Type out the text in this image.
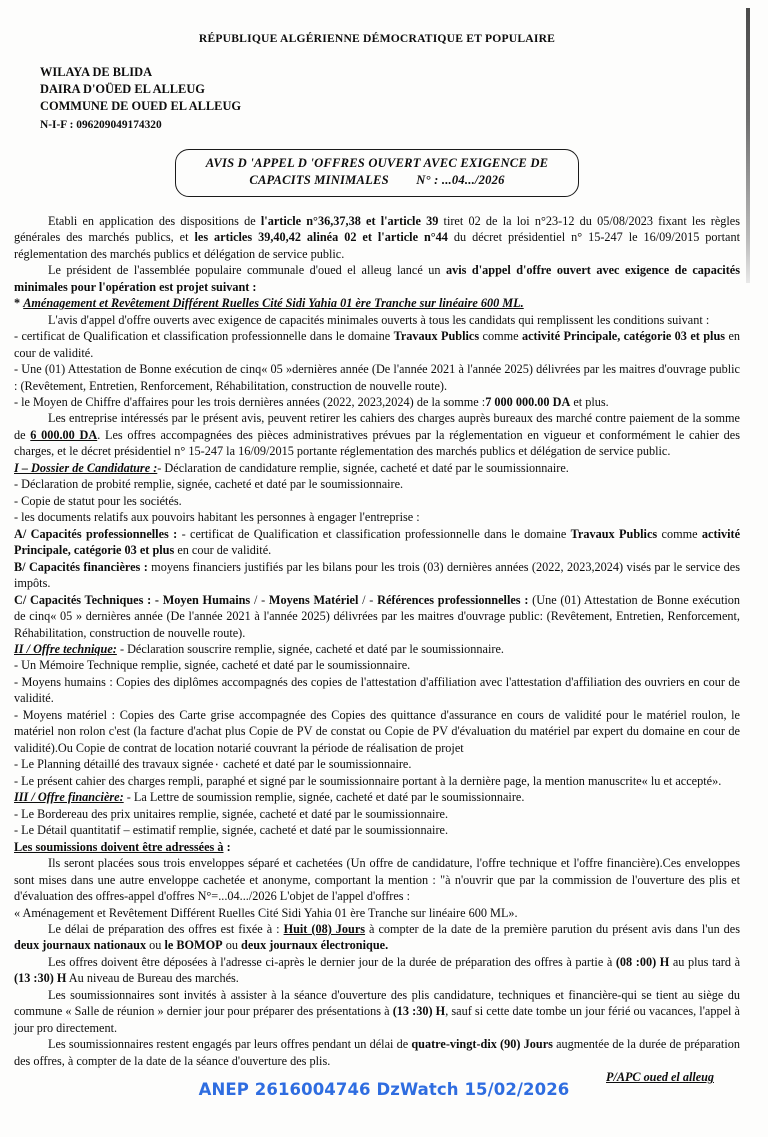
RÉPUBLIQUE ALGÉRIENNE DÉMOCRATIQUE ET POPULAIRE
WILAYA DE BLIDA
DAIRA D'OÜED EL ALLEUG
COMMUNE DE OUED EL ALLEUG
N-I-F : 096209049174320
AVIS D 'APPEL D 'OFFRES OUVERT AVEC EXIGENCE DE
CAPACITS MINIMALES N° : ...04.../2026

Etabli en application des dispositions de l'article n°36,37,38 et l'article 39 tiret 02 de la loi n°23-12 du 05/08/2023 fixant les règles générales des marchés publics, et les articles 39,40,42 alinéa 02 et l'article n°44 du décret présidentiel n° 15-247 le 16/09/2015 portant réglementation des marchés publics et délégation de service public.

Le président de l'assemblée populaire communale d'oued el alleug lancé un avis d'appel d'offre ouvert avec exigence de capacités minimales pour l'opération est projet suivant :

* Aménagement et Revêtement Différent Ruelles Cité Sidi Yahia 01 ère Tranche sur linéaire 600 ML.

L'avis d'appel d'offre ouverts avec exigence de capacités minimales ouverts à tous les candidats qui remplissent les conditions suivant :

- certificat de Qualification et classification professionnelle dans le domaine Travaux Publics comme activité Principale, catégorie 03 et plus en cour de validité.

- Une (01) Attestation de Bonne exécution de cinq« 05 »dernières année (De l'année 2021 à l'année 2025) délivrées par les maitres d'ouvrage public : (Revêtement, Entretien, Renforcement, Réhabilitation, construction de nouvelle route).

- le Moyen de Chiffre d'affaires pour les trois dernières années (2022, 2023,2024) de la somme :7 000 000.00 DA et plus.

Les entreprise intéressés par le présent avis, peuvent retirer les cahiers des charges auprès bureaux des marché contre paiement de la somme de 6 000.00 DA. Les offres accompagnées des pièces administratives prévues par la réglementation en vigueur et conformément le cahier des charges, et le décret présidentiel n° 15-247 la 16/09/2015 portante réglementation des marchés publics et délégation de service public.

I – Dossier de Candidature :- Déclaration de candidature remplie, signée, cacheté et daté par le soumissionnaire.

- Déclaration de probité remplie, signée, cacheté et daté par le soumissionnaire.

- Copie de statut pour les sociétés.

- les documents relatifs aux pouvoirs habitant les personnes à engager l'entreprise :

A/ Capacités professionnelles : - certificat de Qualification et classification professionnelle dans le domaine Travaux Publics comme activité Principale, catégorie 03 et plus en cour de validité.

B/ Capacités financières : moyens financiers justifiés par les bilans pour les trois (03) dernières années (2022, 2023,2024) visés par le service des impôts.

C/ Capacités Techniques : - Moyen Humains / - Moyens Matériel / - Références professionnelles : (Une (01) Attestation de Bonne exécution de cinq« 05 » dernières année (De l'année 2021 à l'année 2025) délivrées par les maitres d'ouvrage public: (Revêtement, Entretien, Renforcement, Réhabilitation, construction de nouvelle route).

II / Offre technique: - Déclaration souscrire remplie, signée, cacheté et daté par le soumissionnaire.

- Un Mémoire Technique remplie, signée, cacheté et daté par le soumissionnaire.

- Moyens humains : Copies des diplômes accompagnés des copies de l'attestation d'affiliation avec l'attestation d'affiliation des ouvriers en cour de validité.

- Moyens matériel : Copies des Carte grise accompagnée des Copies des quittance d'assurance en cours de validité pour le matériel roulon, le matériel non rolon c'est (la facture d'achat plus Copie de PV de constat ou Copie de PV d'évaluation du matériel par expert du domaine en cour de validité).Ou Copie de contrat de location notarié couvrant la période de réalisation de projet

- Le Planning détaillé des travaux signée٠ cacheté et daté par le soumissionnaire.

- Le présent cahier des charges rempli, paraphé et signé par le soumissionnaire portant à la dernière page, la mention manuscrite« lu et accepté».

III / Offre financière: - La Lettre de soumission remplie, signée, cacheté et daté par le soumissionnaire.

- Le Bordereau des prix unitaires remplie, signée, cacheté et daté par le soumissionnaire.

- Le Détail quantitatif – estimatif remplie, signée, cacheté et daté par le soumissionnaire.

Les soumissions doivent être adressées à :

Ils seront placées sous trois enveloppes séparé et cachetées (Un offre de candidature, l'offre technique et l'offre financière).Ces enveloppes sont mises dans une autre enveloppe cachetée et anonyme, comportant la mention : "à n'ouvrir que par la commission de l'ouverture des plis et d'évaluation des offres-appel d'offres N°=...04.../2026 L'objet de l'appel d'offres :

« Aménagement et Revêtement Différent Ruelles Cité Sidi Yahia 01 ère Tranche sur linéaire 600 ML».

Le délai de préparation des offres est fixée à : Huit (08) Jours à compter de la date de la première parution du présent avis dans l'un des deux journaux nationaux ou le BOMOP ou deux journaux électronique.

Les offres doivent être déposées à l'adresse ci-après le dernier jour de la durée de préparation des offres à partie à (08 :00) H au plus tard à (13 :30) H Au niveau de Bureau des marchés.

Les soumissionnaires sont invités à assister à la séance d'ouverture des plis candidature, techniques et financière-qui se tient au siège du commune « Salle de réunion » dernier jour pour préparer des présentations à (13 :30) H, sauf si cette date tombe un jour férié ou vacances, l'appel à jour pro directement.

Les soumissionnaires restent engagés par leurs offres pendant un délai de quatre-vingt-dix (90) Jours augmentée de la durée de préparation des offres, à compter de la date de la séance d'ouverture des plis.

P/APC oued el alleug
ANEP 2616004746 DzWatch 15/02/2026
